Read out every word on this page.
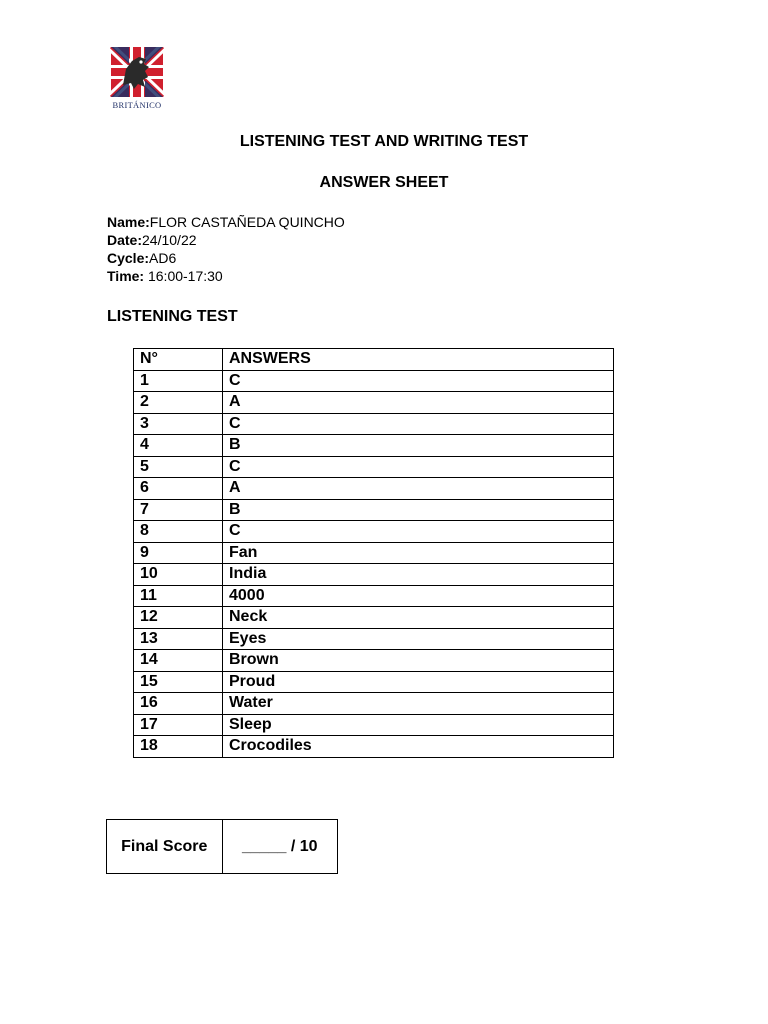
BRITÁNICO
LISTENING TEST AND WRITING TEST
ANSWER SHEET
Name:FLOR CASTAÑEDA QUINCHO
Date:24/10/22
Cycle:AD6
Time: 16:00-17:30
LISTENING TEST
N°	ANSWERS
1	C
2	A
3	C
4	B
5	C
6	A
7	B
8	C
9	Fan
10	India
11	4000
12	Neck
13	Eyes
14	Brown
15	Proud
16	Water
17	Sleep
18	Crocodiles
Final Score	_____ / 10
